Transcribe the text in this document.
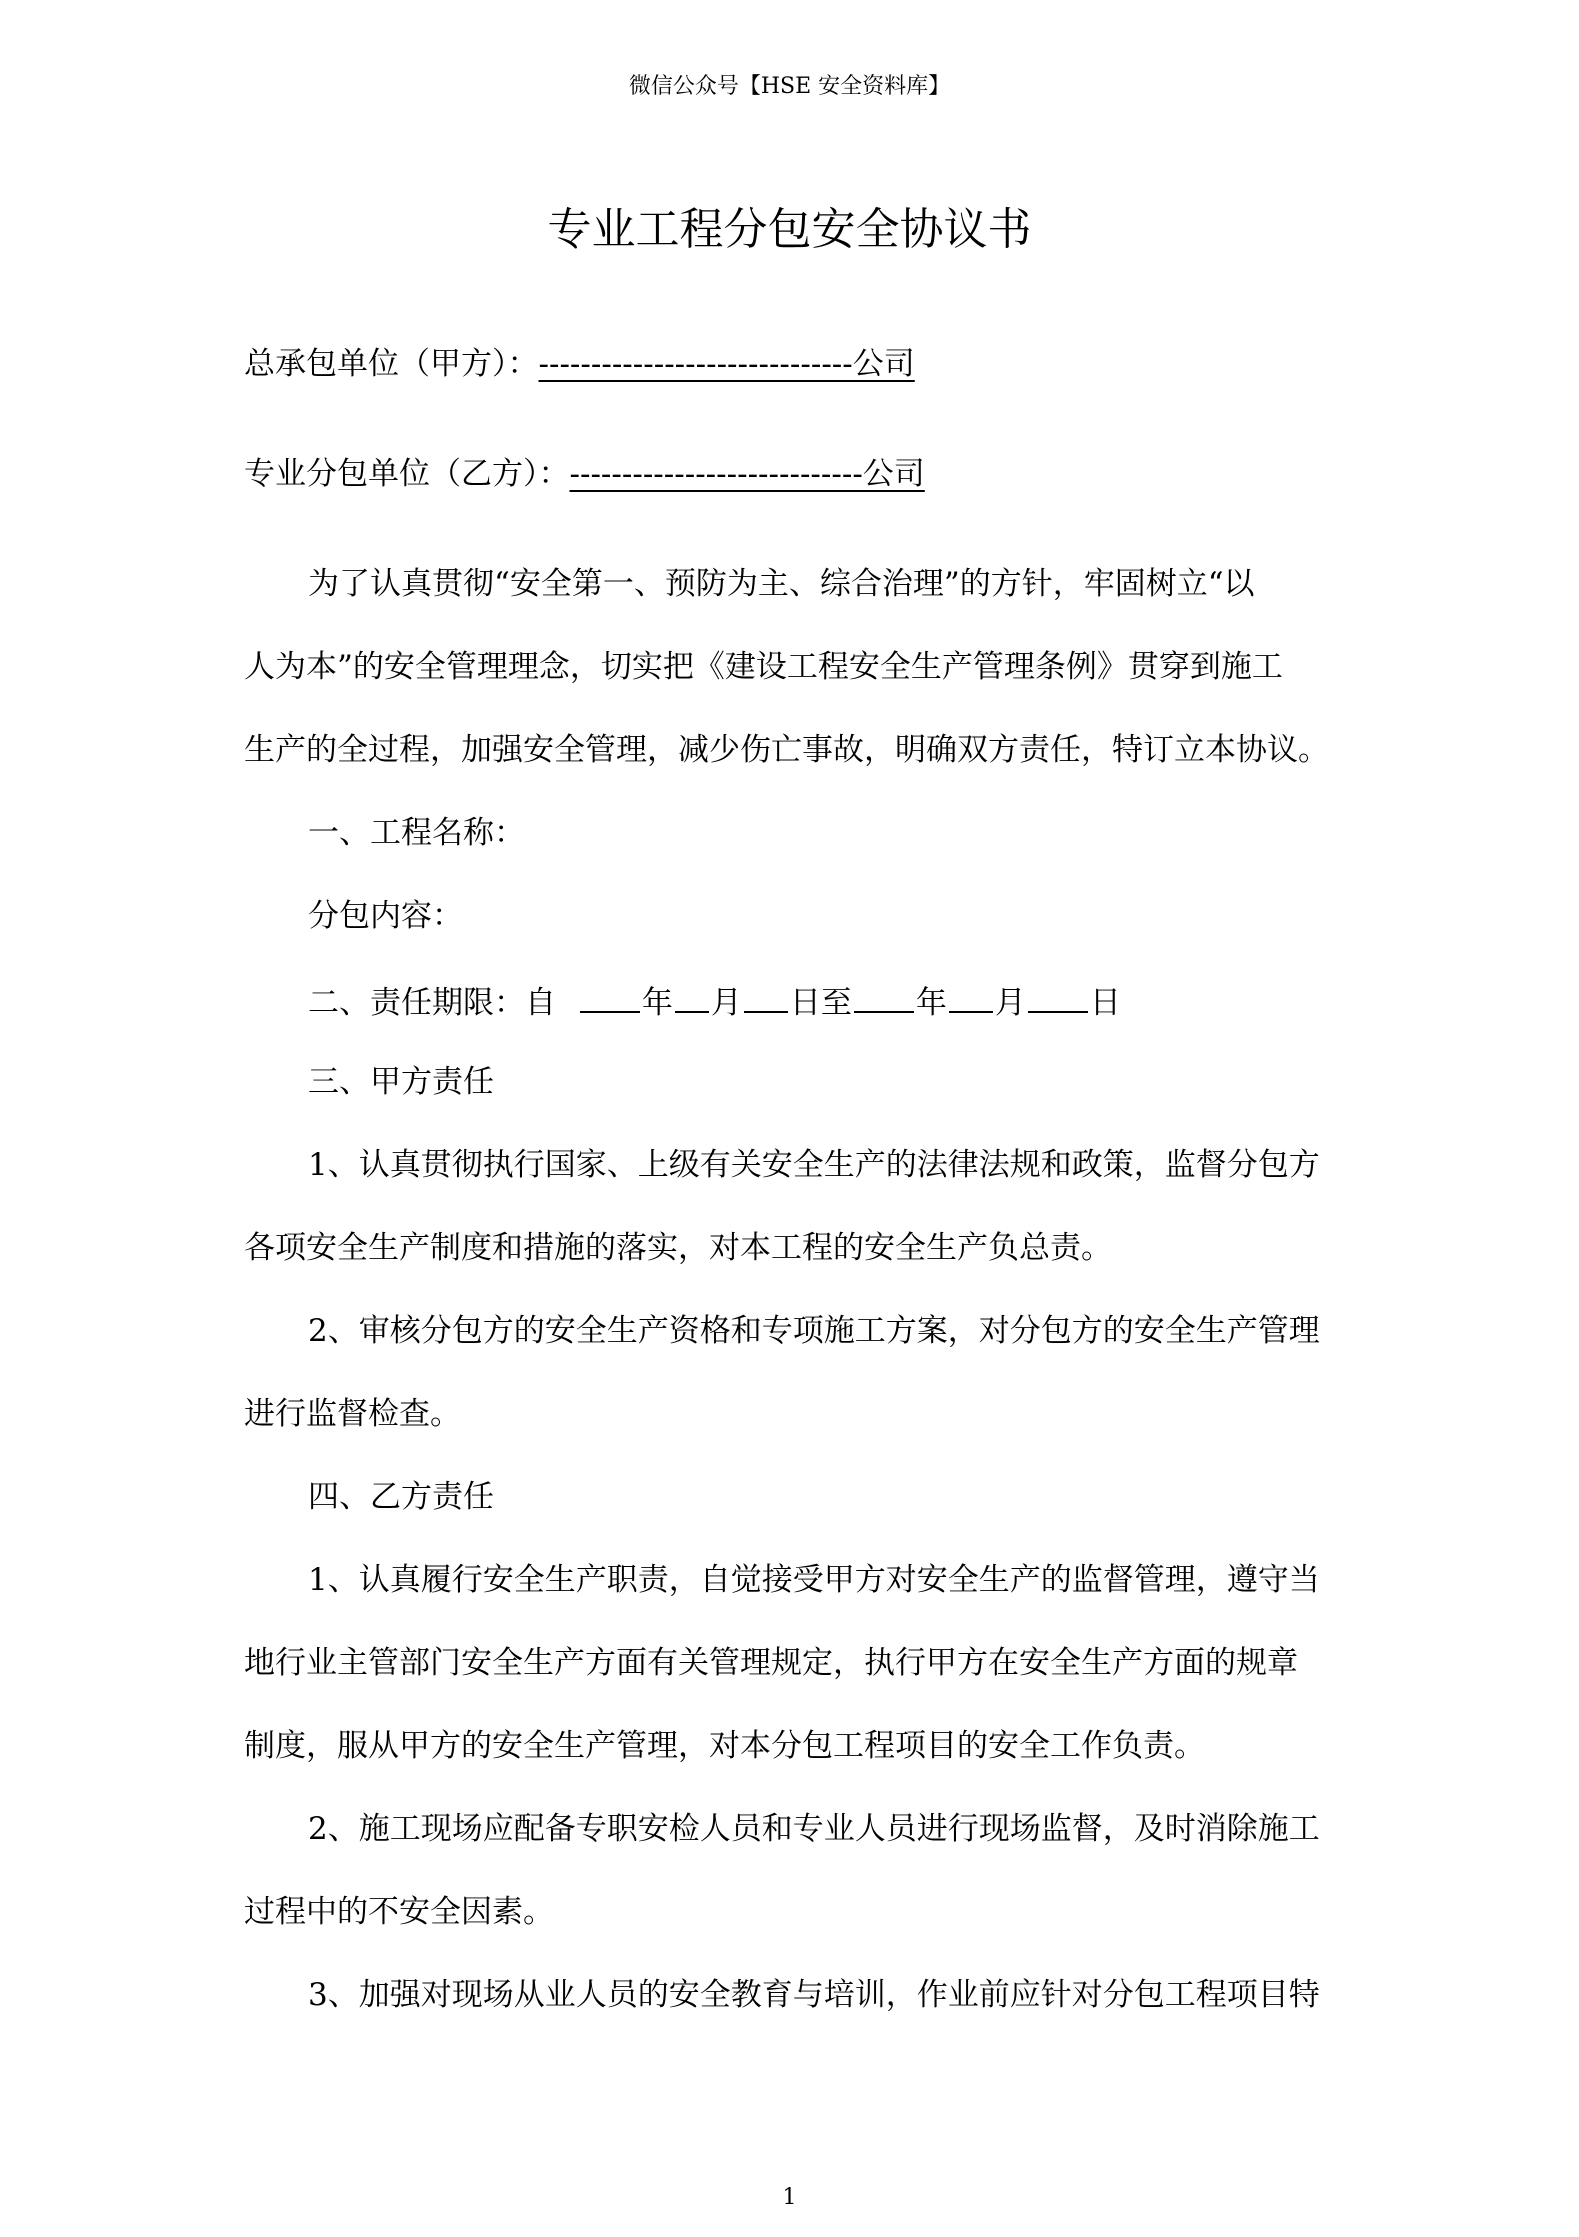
微信公众号【HSE 安全资料库】
专业工程分包安全协议书
总承包单位（甲方）：------------------------------公司
专业分包单位（乙方）：----------------------------公司
为了认真贯彻“安全第一、预防为主、综合治理”的方针，牢固树立“以
人为本”的安全管理理念，切实把《建设工程安全生产管理条例》贯穿到施工
生产的全过程，加强安全管理，减少伤亡事故，明确双方责任，特订立本协议。
一、工程名称：
分包内容：
二、责任期限：自	年 月 日至 年 月 日
三、甲方责任
1、认真贯彻执行国家、上级有关安全生产的法律法规和政策，监督分包方
各项安全生产制度和措施的落实，对本工程的安全生产负总责。
2、审核分包方的安全生产资格和专项施工方案，对分包方的安全生产管理
进行监督检查。
四、乙方责任
1、认真履行安全生产职责，自觉接受甲方对安全生产的监督管理，遵守当
地行业主管部门安全生产方面有关管理规定，执行甲方在安全生产方面的规章
制度，服从甲方的安全生产管理，对本分包工程项目的安全工作负责。
2、施工现场应配备专职安检人员和专业人员进行现场监督，及时消除施工
过程中的不安全因素。
3、加强对现场从业人员的安全教育与培训，作业前应针对分包工程项目特
1
